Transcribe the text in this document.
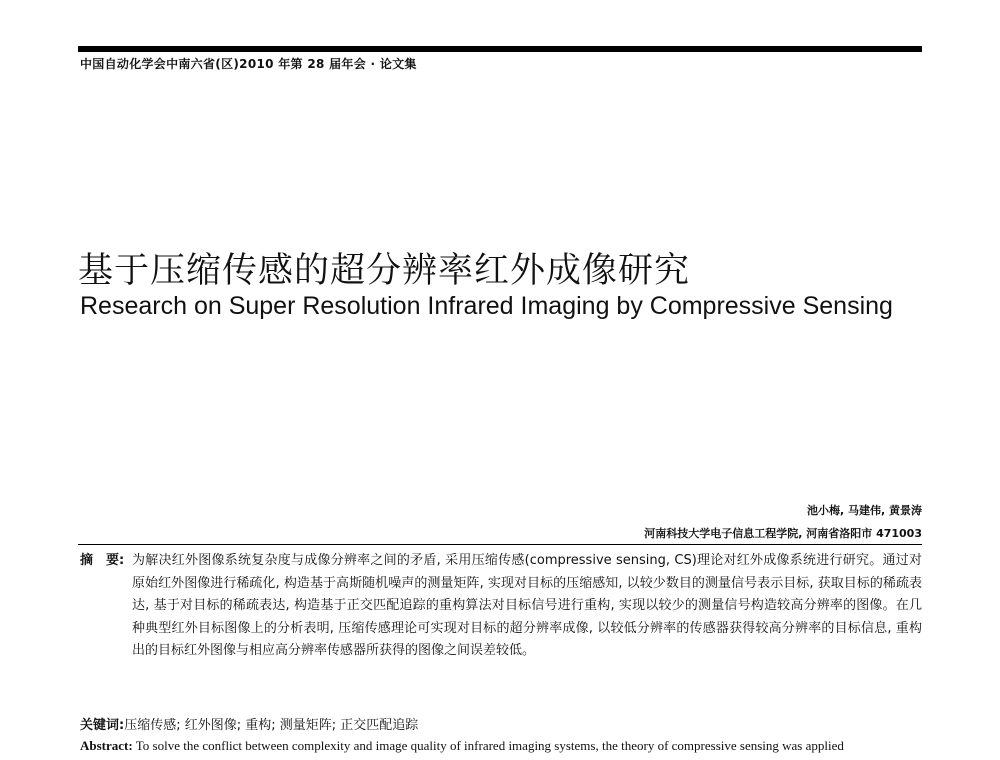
中国自动化学会中南六省(区)2010 年第 28 届年会 · 论文集
基于压缩传感的超分辨率红外成像研究
Research on Super Resolution Infrared Imaging by Compressive Sensing
池小梅, 马建伟, 黄景涛
河南科技大学电子信息工程学院, 河南省洛阳市 471003
摘　要: 为解决红外图像系统复杂度与成像分辨率之间的矛盾, 采用压缩传感(compressive sensing, CS)理论对红外成像系统进行研究。通过对原始红外图像进行稀疏化, 构造基于高斯随机噪声的测量矩阵, 实现对目标的压缩感知, 以较少数目的测量信号表示目标, 获取目标的稀疏表达, 基于对目标的稀疏表达, 构造基于正交匹配追踪的重构算法对目标信号进行重构, 实现以较少的测量信号构造较高分辨率的图像。在几种典型红外目标图像上的分析表明, 压缩传感理论可实现对目标的超分辨率成像, 以较低分辨率的传感器获得较高分辨率的目标信息, 重构出的目标红外图像与相应高分辨率传感器所获得的图像之间误差较低。
关键词:压缩传感; 红外图像; 重构; 测量矩阵; 正交匹配追踪
Abstract: To solve the conflict between complexity and image quality of infrared imaging systems, the theory of compressive sensing was applied
